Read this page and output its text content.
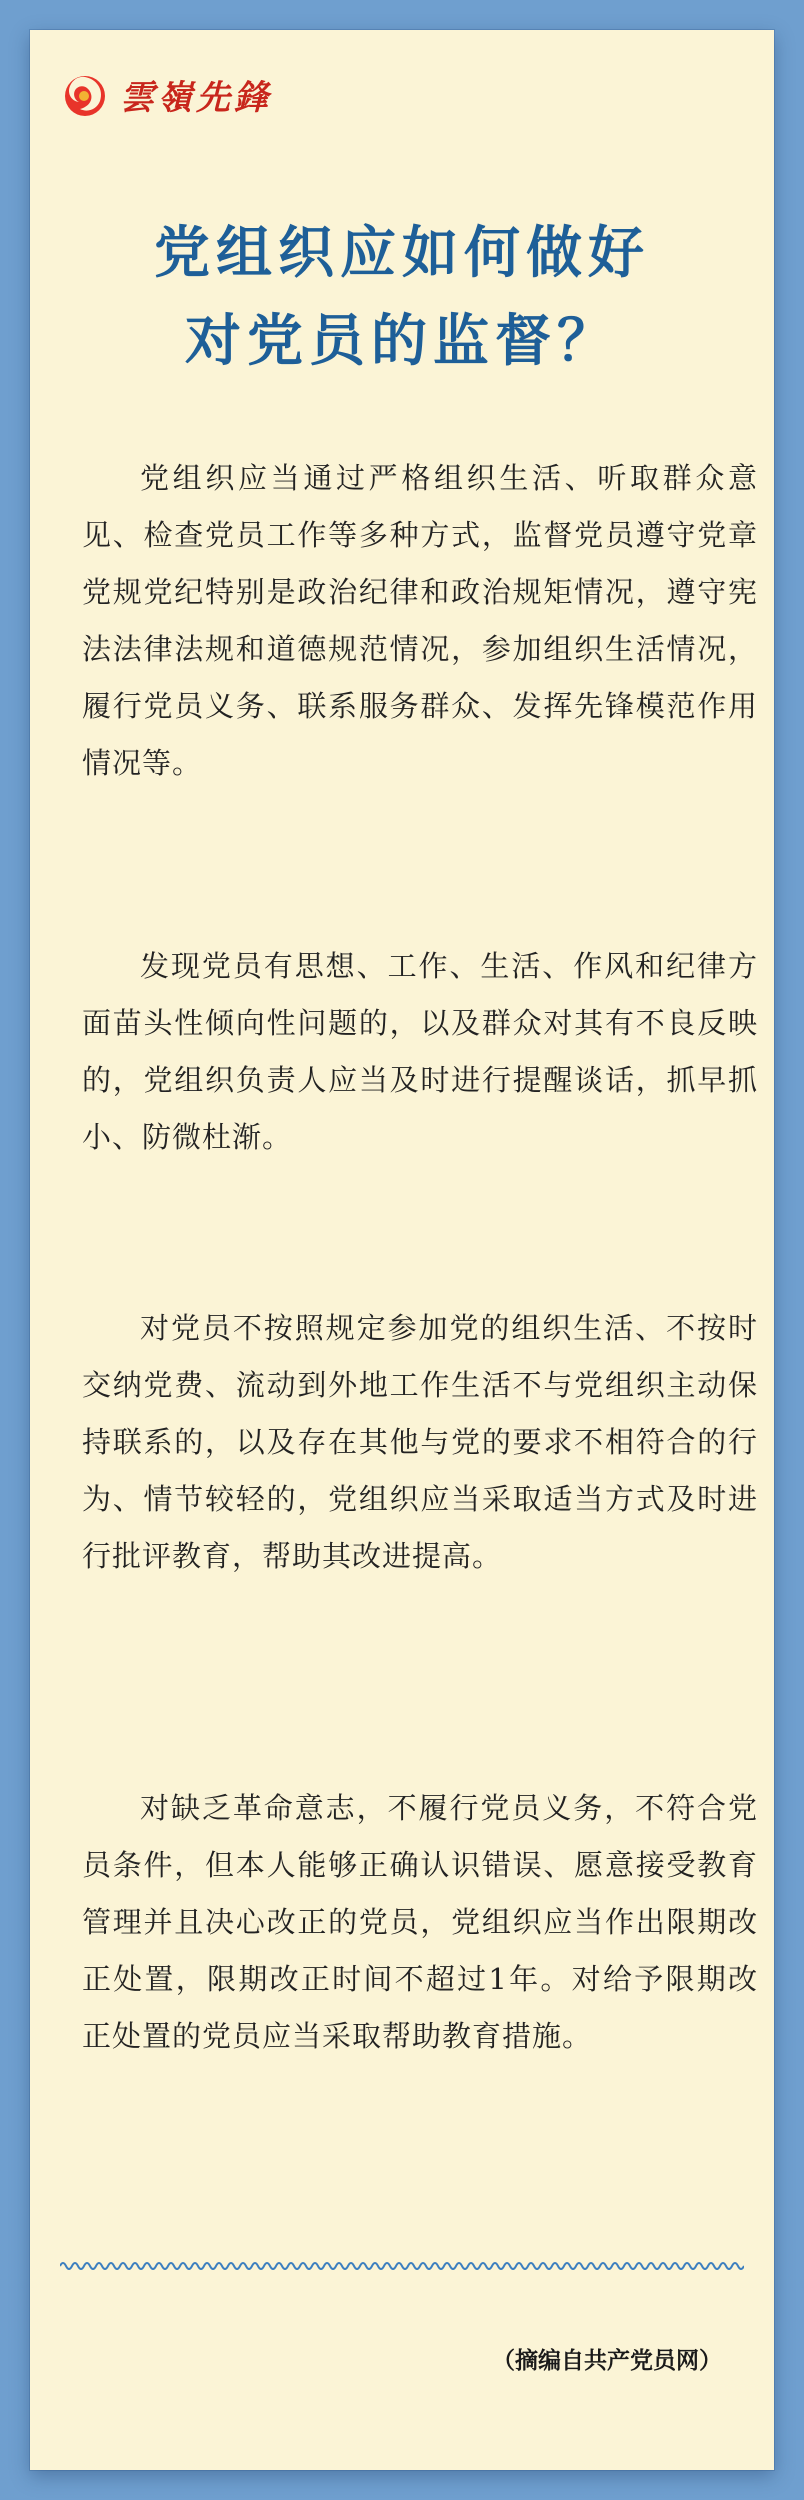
雲嶺先鋒
党组织应如何做好
对党员的监督？
党组织应当通过严格组织生活、听取群众意见、检查党员工作等多种方式，监督党员遵守党章党规党纪特别是政治纪律和政治规矩情况，遵守宪法法律法规和道德规范情况，参加组织生活情况，履行党员义务、联系服务群众、发挥先锋模范作用情况等。
发现党员有思想、工作、生活、作风和纪律方面苗头性倾向性问题的，以及群众对其有不良反映的，党组织负责人应当及时进行提醒谈话，抓早抓小、防微杜渐。
对党员不按照规定参加党的组织生活、不按时交纳党费、流动到外地工作生活不与党组织主动保持联系的，以及存在其他与党的要求不相符合的行为、情节较轻的，党组织应当采取适当方式及时进行批评教育，帮助其改进提高。
对缺乏革命意志，不履行党员义务，不符合党员条件，但本人能够正确认识错误、愿意接受教育管理并且决心改正的党员，党组织应当作出限期改正处置，限期改正时间不超过1年。对给予限期改正处置的党员应当采取帮助教育措施。
（摘编自共产党员网）
